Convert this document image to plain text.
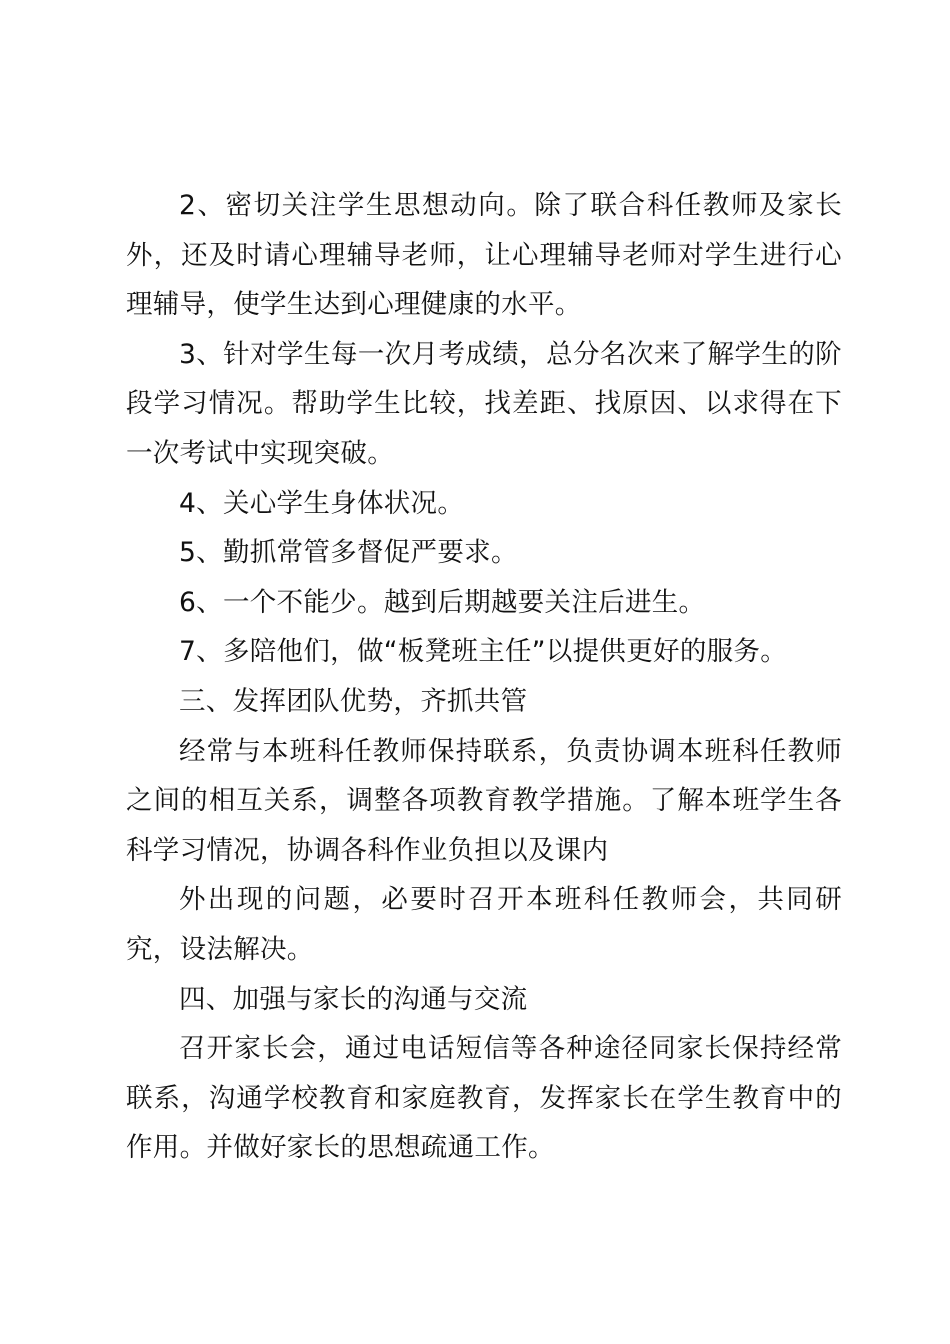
2、密切关注学生思想动向。除了联合科任教师及家长外，还及时请心理辅导老师，让心理辅导老师对学生进行心理辅导，使学生达到心理健康的水平。

3、针对学生每一次月考成绩，总分名次来了解学生的阶段学习情况。帮助学生比较，找差距、找原因、以求得在下一次考试中实现突破。

4、关心学生身体状况。

5、勤抓常管多督促严要求。

6、一个不能少。越到后期越要关注后进生。

7、多陪他们，做“板凳班主任”以提供更好的服务。

三、发挥团队优势，齐抓共管

经常与本班科任教师保持联系，负责协调本班科任教师之间的相互关系，调整各项教育教学措施。了解本班学生各科学习情况，协调各科作业负担以及课内

外出现的问题，必要时召开本班科任教师会，共同研究，设法解决。

四、加强与家长的沟通与交流

召开家长会，通过电话短信等各种途径同家长保持经常联系，沟通学校教育和家庭教育，发挥家长在学生教育中的作用。并做好家长的思想疏通工作。
